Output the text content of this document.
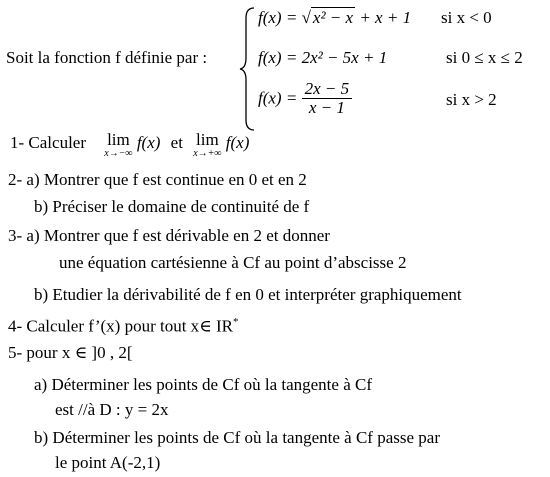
Soit la fonction f définie par :
f(x) = √ x² − x + x + 1 si x < 0
f(x) = 2x² − 5x + 1	si 0 ≤ x ≤ 2
$f(x) = \frac{2x - 5}{x - 1}$	si x > 2
1- Calculer lim
x→−∞
f(x) et lim
x→+∞
f(x)
2- a) Montrer que f est continue en 0 et en 2
b) Préciser le domaine de continuité de f
3- a) Montrer que f est dérivable en 2 et donner
une équation cartésienne à Cf au point d’abscisse 2
b) Etudier la dérivabilité de f en 0 et interpréter graphiquement
4- Calculer f’(x) pour tout x∈ IR*
5- pour x ∈ ]0 , 2[
a) Déterminer les points de Cf où la tangente à Cf
est //à D : y = 2x
b) Déterminer les points de Cf où la tangente à Cf passe par
le point A(-2,1)
